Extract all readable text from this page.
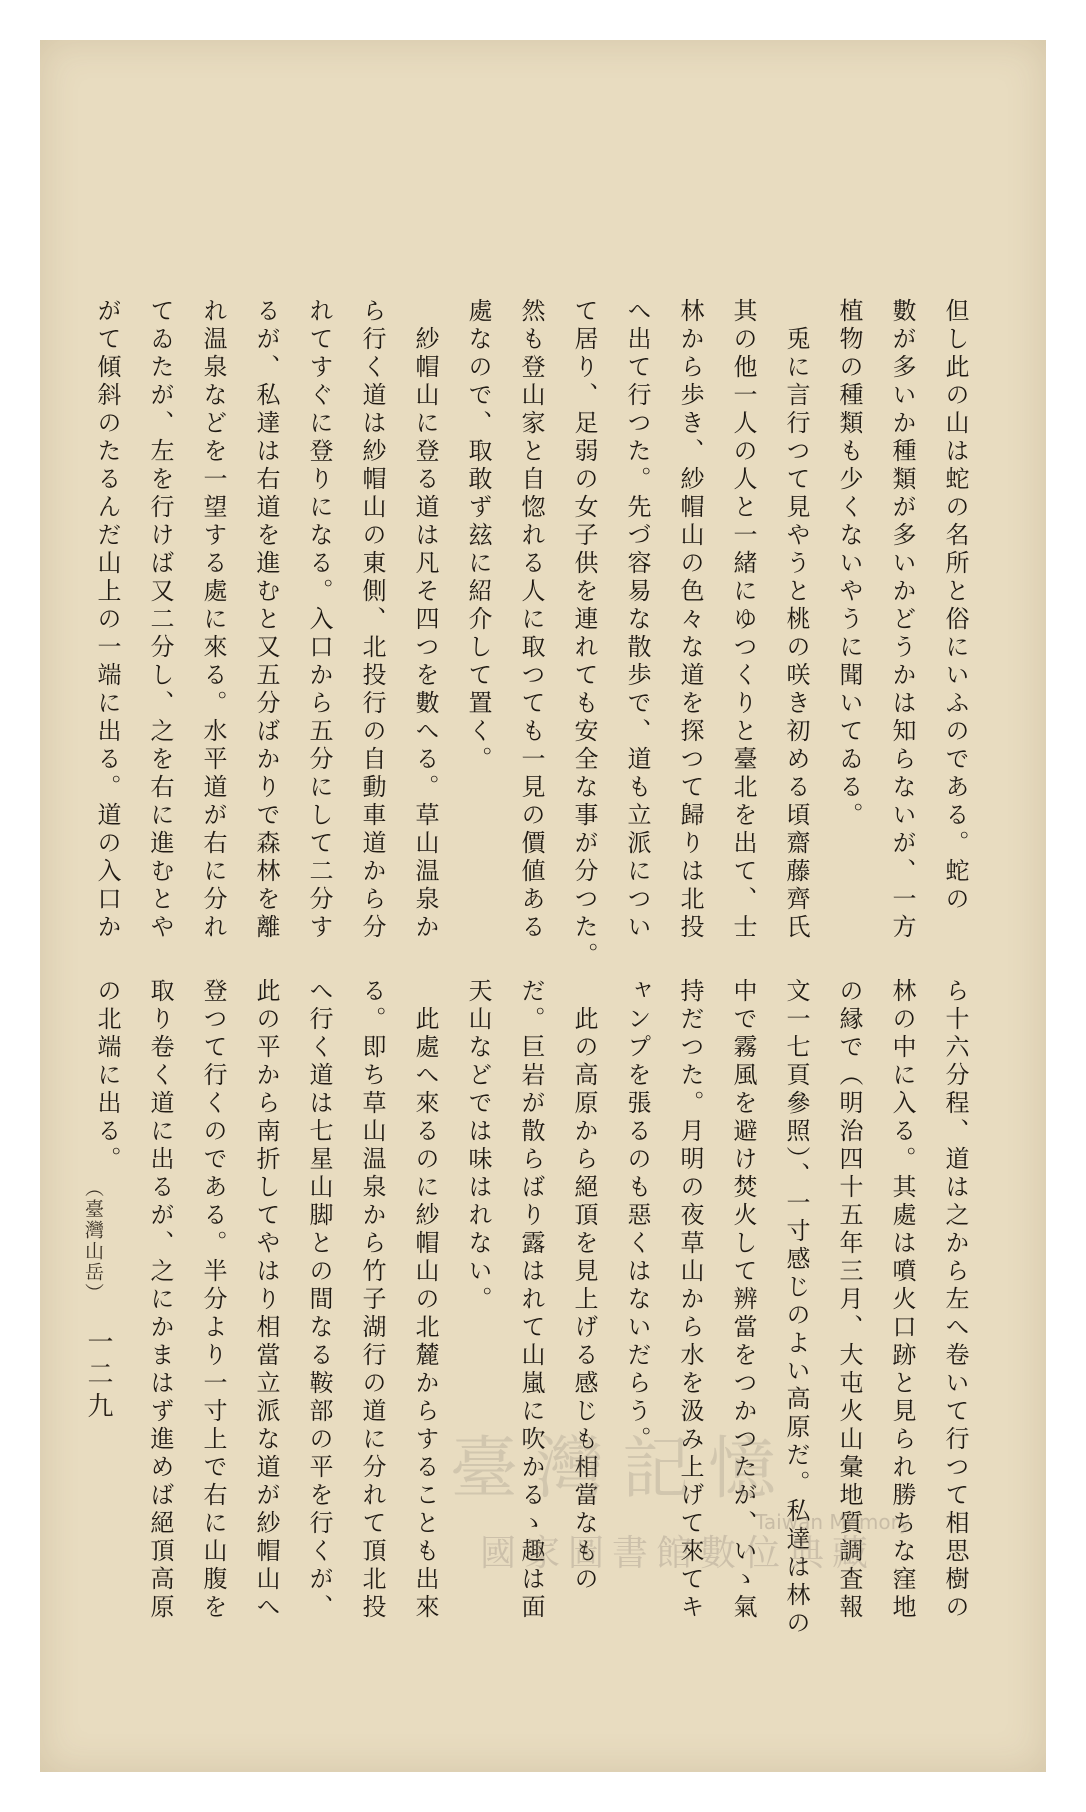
但し此の山は蛇の名所と俗にいふのである。蛇の
數が多いか種類が多いかどうかは知らないが、一方
植物の種類も少くないやうに聞いてゐる。
　兎に言行つて見やうと桃の咲き初める頃齋藤齊氏
其の他一人の人と一緒にゆつくりと臺北を出て、士
林から歩き、紗帽山の色々な道を探つて歸りは北投
へ出て行つた。先づ容易な散歩で、道も立派につい
て居り、足弱の女子供を連れても安全な事が分つた。
然も登山家と自惚れる人に取つても一見の價値ある
處なので、取敢ず玆に紹介して置く。
　紗帽山に登る道は凡そ四つを數へる。草山温泉か
ら行く道は紗帽山の東側、北投行の自動車道から分
れてすぐに登りになる。入口から五分にして二分す
るが、私達は右道を進むと又五分ばかりで森林を離
れ温泉などを一望する處に來る。水平道が右に分れ
てゐたが、左を行けば又二分し、之を右に進むとや
がて傾斜のたるんだ山上の一端に出る。道の入口か
ら十六分程、道は之から左へ卷いて行つて相思樹の
林の中に入る。其處は噴火口跡と見られ勝ちな窪地
の縁で（明治四十五年三月、大屯火山彙地質調査報
文一七頁參照）、一寸感じのよい高原だ。私達は林の
中で霧風を避け焚火して辨當をつかつたが、いゝ氣
持だつた。月明の夜草山から水を汲み上げて來てキ
ャンプを張るのも惡くはないだらう。
　此の高原から絕頂を見上げる感じも相當なもの
だ。巨岩が散らばり露はれて山嵐に吹かるゝ趣は面
天山などでは味はれない。
　此處へ來るのに紗帽山の北麓からすることも出來
る。即ち草山温泉から竹子湖行の道に分れて頂北投
へ行く道は七星山脚との間なる鞍部の平を行くが、
此の平から南折してやはり相當立派な道が紗帽山へ
登つて行くのである。半分より一寸上で右に山腹を
取り卷く道に出るが、之にかまはず進めば絕頂高原
の北端に出る。
（臺灣山岳）
一二九
臺灣記憶
Taiwan Memory
國家圖書館數位典藏
